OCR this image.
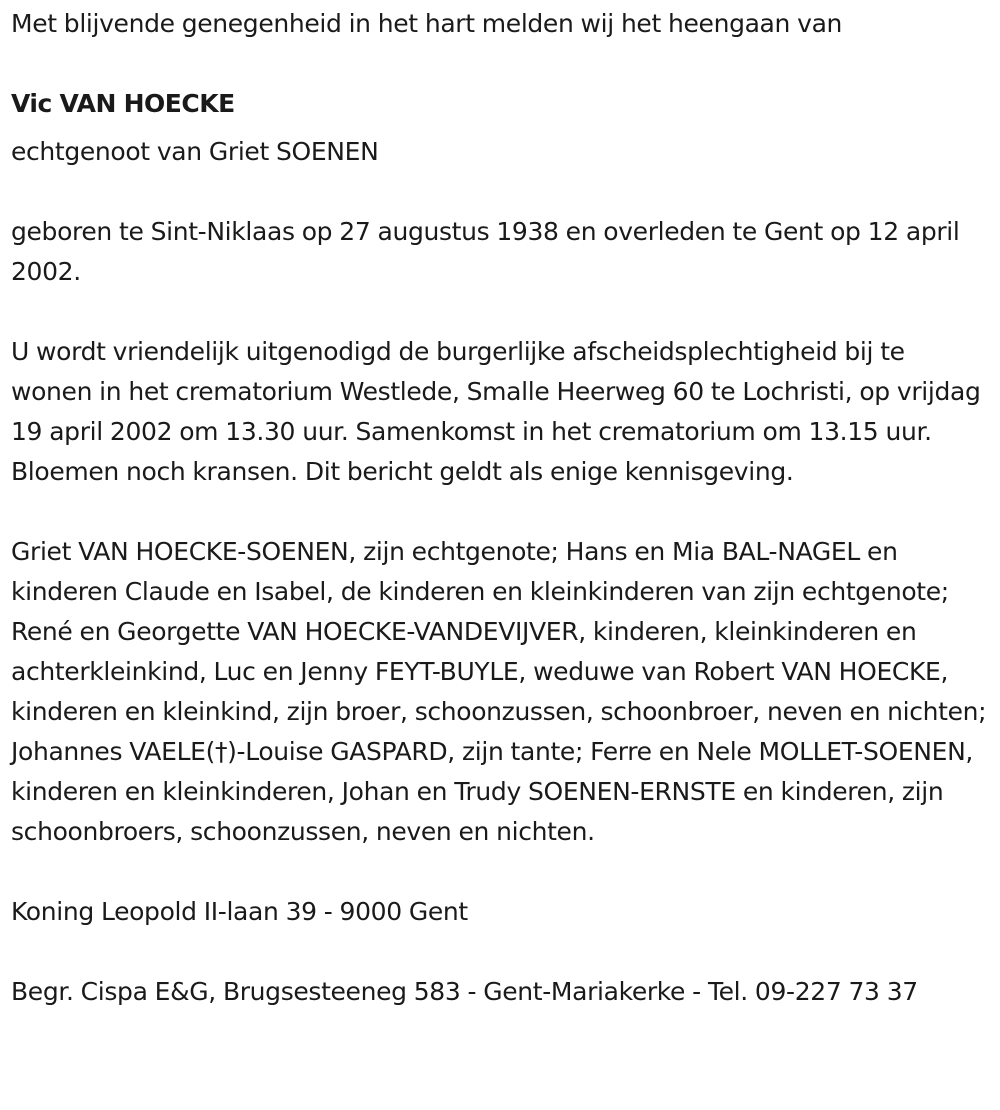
Met blijvende genegenheid in het hart melden wij het heengaan van

Vic VAN HOECKE

echtgenoot van Griet SOENEN

geboren te Sint-Niklaas op 27 augustus 1938 en overleden te Gent op 12 april 2002.

U wordt vriendelijk uitgenodigd de burgerlijke afscheidsplechtigheid bij te wonen in het crematorium Westlede, Smalle Heerweg 60 te Lochristi, op vrijdag 19 april 2002 om 13.30 uur. Samenkomst in het crematorium om 13.15 uur. Bloemen noch kransen. Dit bericht geldt als enige kennisgeving.

Griet VAN HOECKE-SOENEN, zijn echtgenote; Hans en Mia BAL-NAGEL en kinderen Claude en Isabel, de kinderen en kleinkinderen van zijn echtgenote; René en Georgette VAN HOECKE-VANDEVIJVER, kinderen, kleinkinderen en achterkleinkind, Luc en Jenny FEYT-BUYLE, weduwe van Robert VAN HOECKE, kinderen en kleinkind, zijn broer, schoonzussen, schoonbroer, neven en nichten; Johannes VAELE(†)-Louise GASPARD, zijn tante; Ferre en Nele MOLLET-SOENEN, kinderen en kleinkinderen, Johan en Trudy SOENEN-ERNSTE en kinderen, zijn schoonbroers, schoonzussen, neven en nichten.

Koning Leopold II-laan 39 - 9000 Gent

Begr. Cispa E&G, Brugsesteeneg 583 - Gent-Mariakerke - Tel. 09-227 73 37
